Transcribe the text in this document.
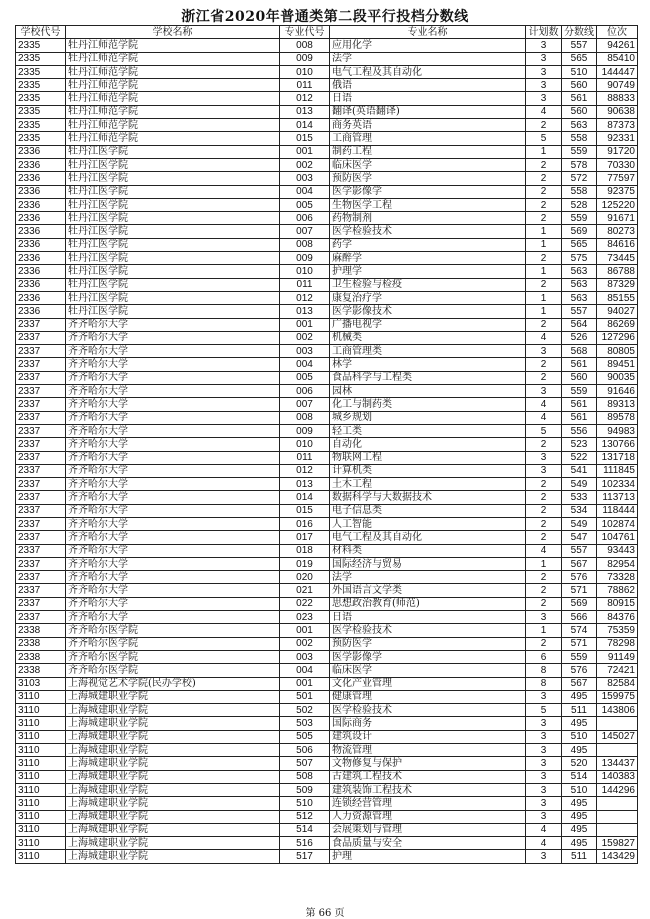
浙江省2020年普通类第二段平行投档分数线
学校代号	学校名称	专业代号	专业名称	计划数	分数线	位次
2335	牡丹江师范学院	008	应用化学	3	557	94261
2335	牡丹江师范学院	009	法学	3	565	85410
2335	牡丹江师范学院	010	电气工程及其自动化	3	510	144447
2335	牡丹江师范学院	011	俄语	3	560	90749
2335	牡丹江师范学院	012	日语	3	561	88833
2335	牡丹江师范学院	013	翻译(英语翻译)	4	560	90638
2335	牡丹江师范学院	014	商务英语	2	563	87373
2335	牡丹江师范学院	015	工商管理	5	558	92331
2336	牡丹江医学院	001	制药工程	1	559	91720
2336	牡丹江医学院	002	临床医学	2	578	70330
2336	牡丹江医学院	003	预防医学	2	572	77597
2336	牡丹江医学院	004	医学影像学	2	558	92375
2336	牡丹江医学院	005	生物医学工程	2	528	125220
2336	牡丹江医学院	006	药物制剂	2	559	91671
2336	牡丹江医学院	007	医学检验技术	1	569	80273
2336	牡丹江医学院	008	药学	1	565	84616
2336	牡丹江医学院	009	麻醉学	2	575	73445
2336	牡丹江医学院	010	护理学	1	563	86788
2336	牡丹江医学院	011	卫生检验与检疫	2	563	87329
2336	牡丹江医学院	012	康复治疗学	1	563	85155
2336	牡丹江医学院	013	医学影像技术	1	557	94027
2337	齐齐哈尔大学	001	广播电视学	2	564	86269
2337	齐齐哈尔大学	002	机械类	4	526	127296
2337	齐齐哈尔大学	003	工商管理类	3	568	80805
2337	齐齐哈尔大学	004	林学	2	561	89451
2337	齐齐哈尔大学	005	食品科学与工程类	2	560	90035
2337	齐齐哈尔大学	006	园林	3	559	91646
2337	齐齐哈尔大学	007	化工与制药类	4	561	89313
2337	齐齐哈尔大学	008	城乡规划	4	561	89578
2337	齐齐哈尔大学	009	轻工类	5	556	94983
2337	齐齐哈尔大学	010	自动化	2	523	130766
2337	齐齐哈尔大学	011	物联网工程	3	522	131718
2337	齐齐哈尔大学	012	计算机类	3	541	111845
2337	齐齐哈尔大学	013	土木工程	2	549	102334
2337	齐齐哈尔大学	014	数据科学与大数据技术	2	533	113713
2337	齐齐哈尔大学	015	电子信息类	2	534	118444
2337	齐齐哈尔大学	016	人工智能	2	549	102874
2337	齐齐哈尔大学	017	电气工程及其自动化	2	547	104761
2337	齐齐哈尔大学	018	材料类	4	557	93443
2337	齐齐哈尔大学	019	国际经济与贸易	1	567	82954
2337	齐齐哈尔大学	020	法学	2	576	73328
2337	齐齐哈尔大学	021	外国语言文学类	2	571	78862
2337	齐齐哈尔大学	022	思想政治教育(师范)	2	569	80915
2337	齐齐哈尔大学	023	日语	3	566	84376
2338	齐齐哈尔医学院	001	医学检验技术	1	574	75359
2338	齐齐哈尔医学院	002	预防医学	2	571	78298
2338	齐齐哈尔医学院	003	医学影像学	6	559	91149
2338	齐齐哈尔医学院	004	临床医学	8	576	72421
3103	上海视觉艺术学院(民办学校)	001	文化产业管理	8	567	82584
3110	上海城建职业学院	501	健康管理	3	495	159975
3110	上海城建职业学院	502	医学检验技术	5	511	143806
3110	上海城建职业学院	503	国际商务	3	495	
3110	上海城建职业学院	505	建筑设计	3	510	145027
3110	上海城建职业学院	506	物流管理	3	495	
3110	上海城建职业学院	507	文物修复与保护	3	520	134437
3110	上海城建职业学院	508	古建筑工程技术	3	514	140383
3110	上海城建职业学院	509	建筑装饰工程技术	3	510	144296
3110	上海城建职业学院	510	连锁经营管理	3	495	
3110	上海城建职业学院	512	人力资源管理	3	495	
3110	上海城建职业学院	514	会展策划与管理	4	495	
3110	上海城建职业学院	516	食品质量与安全	4	495	159827
3110	上海城建职业学院	517	护理	3	511	143429
第 66 页
